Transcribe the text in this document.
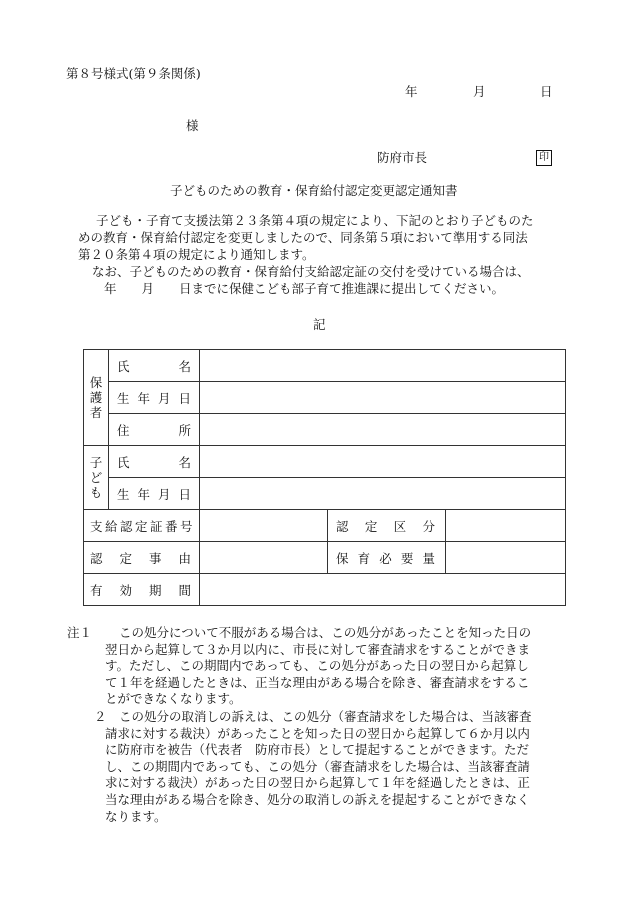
第８号様式(第９条関係)
年	月	日
様
防府市長	印
子どものための教育・保育給付認定変更認定通知書
子ども・子育て支援法第２３条第４項の規定により、下記のとおり子どものた
めの教育・保育給付認定を変更しましたので、同条第５項において準用する同法
第２０条第４項の規定により通知します。
なお、子どものための教育・保育給付支給認定証の交付を受けている場合は、
年　　月　　日までに保健こども部子育て推進課に提出してください。
記
保護者	氏 名			

	生 年 月 日			

	住 所			

子ども	氏 名			

	生 年 月 日			

支給認定証番号			認 定 区 分	

認 定 事 由			保 育 必 要 量	

有 効 期 間				

注１ この処分について不服がある場合は、この処分があったことを知った日の
翌日から起算して３か月以内に、市長に対して審査請求をすることができま
す。ただし、この期間内であっても、この処分があった日の翌日から起算し
て１年を経過したときは、正当な理由がある場合を除き、審査請求をするこ
とができなくなります。
２ この処分の取消しの訴えは、この処分（審査請求をした場合は、当該審査
請求に対する裁決）があったことを知った日の翌日から起算して６か月以内
に防府市を被告（代表者　防府市長）として提起することができます。ただ
し、この期間内であっても、この処分（審査請求をした場合は、当該審査請
求に対する裁決）があった日の翌日から起算して１年を経過したときは、正
当な理由がある場合を除き、処分の取消しの訴えを提起することができなく
なります。
